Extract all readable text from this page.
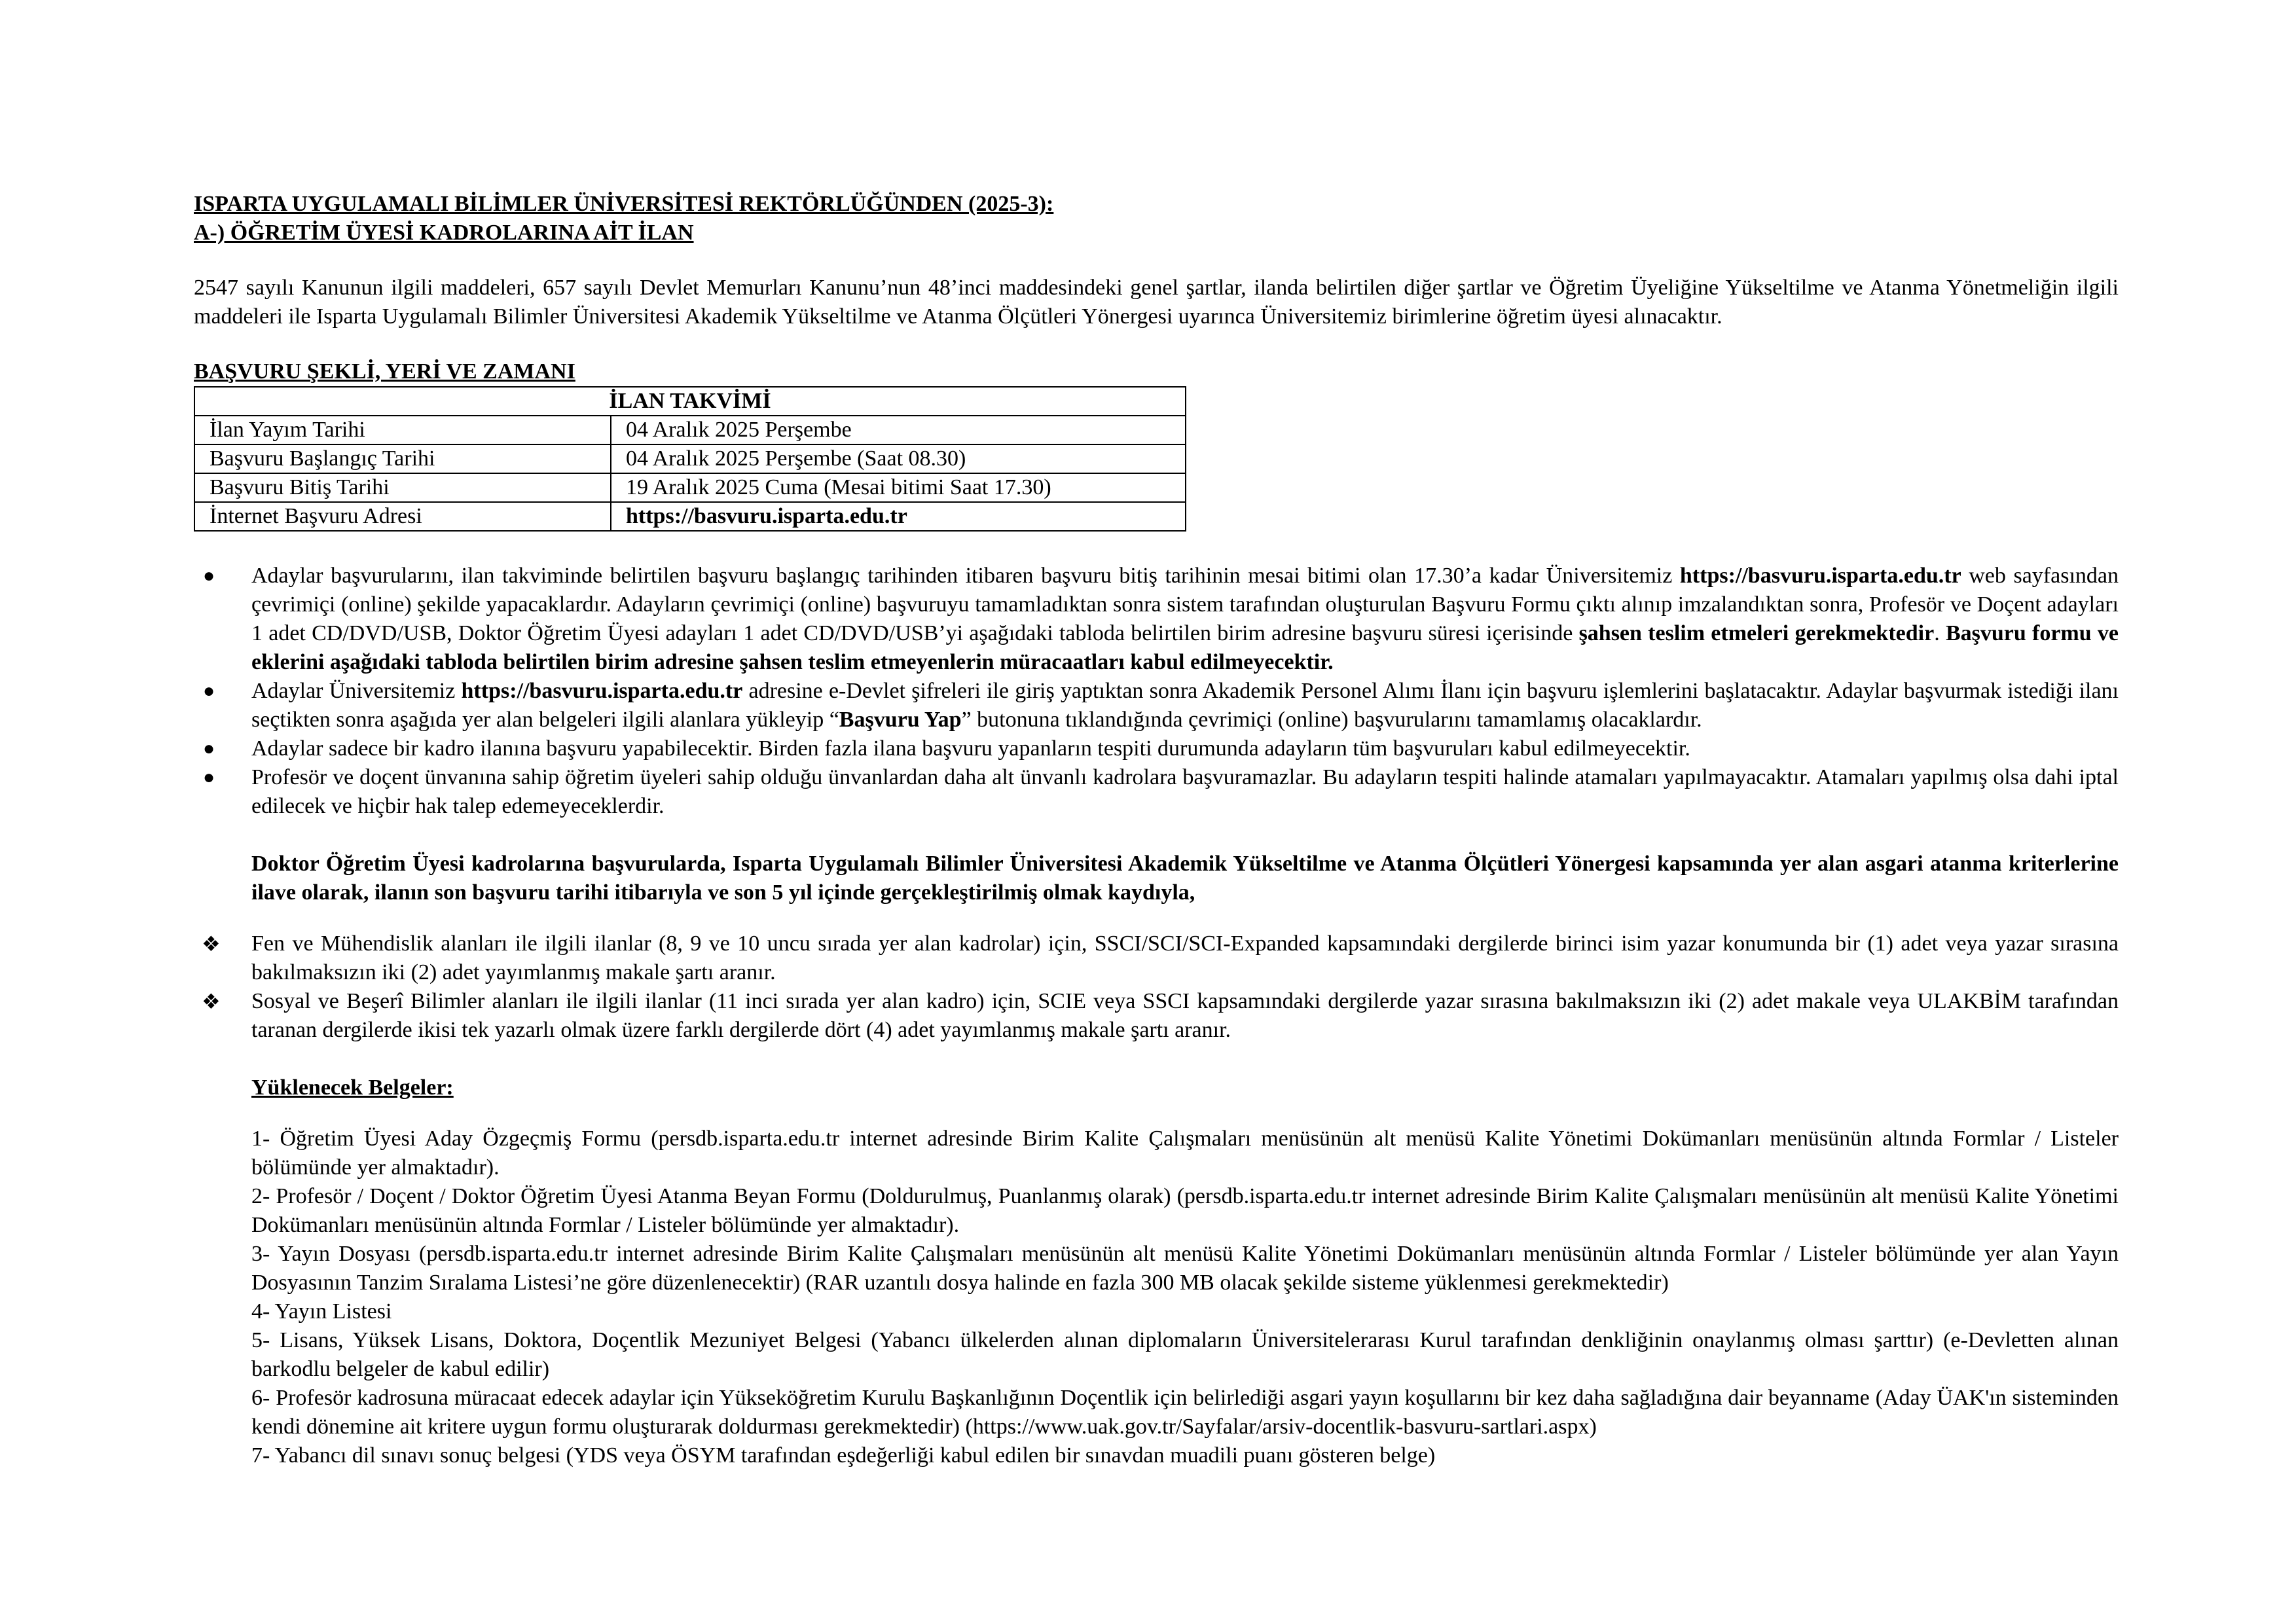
ISPARTA UYGULAMALI BİLİMLER ÜNİVERSİTESİ REKTÖRLÜĞÜNDEN (2025-3):

A-) ÖĞRETİM ÜYESİ KADROLARINA AİT İLAN

2547 sayılı Kanunun ilgili maddeleri, 657 sayılı Devlet Memurları Kanunu’nun 48’inci maddesindeki genel şartlar, ilanda belirtilen diğer şartlar ve Öğretim Üyeliğine Yükseltilme ve Atanma Yönetmeliğin ilgili maddeleri ile Isparta Uygulamalı Bilimler Üniversitesi Akademik Yükseltilme ve Atanma Ölçütleri Yönergesi uyarınca Üniversitemiz birimlerine öğretim üyesi alınacaktır.

BAŞVURU ŞEKLİ, YERİ VE ZAMANI

İLAN TAKVİMİ	
İlan Yayım Tarihi	04 Aralık 2025 Perşembe
Başvuru Başlangıç Tarihi	04 Aralık 2025 Perşembe (Saat 08.30)
Başvuru Bitiş Tarihi	19 Aralık 2025 Cuma (Mesai bitimi Saat 17.30)
İnternet Başvuru Adresi	https://basvuru.isparta.edu.tr
● Adaylar başvurularını, ilan takviminde belirtilen başvuru başlangıç tarihinden itibaren başvuru bitiş tarihinin mesai bitimi olan 17.30’a kadar Üniversitemiz https://basvuru.isparta.edu.tr web sayfasından çevrimiçi (online) şekilde yapacaklardır. Adayların çevrimiçi (online) başvuruyu tamamladıktan sonra sistem tarafından oluşturulan Başvuru Formu çıktı alınıp imzalandıktan sonra, Profesör ve Doçent adayları 1 adet CD/DVD/USB, Doktor Öğretim Üyesi adayları 1 adet CD/DVD/USB’yi aşağıdaki tabloda belirtilen birim adresine başvuru süresi içerisinde şahsen teslim etmeleri gerekmektedir. Başvuru formu ve eklerini aşağıdaki tabloda belirtilen birim adresine şahsen teslim etmeyenlerin müracaatları kabul edilmeyecektir.
● Adaylar Üniversitemiz https://basvuru.isparta.edu.tr adresine e-Devlet şifreleri ile giriş yaptıktan sonra Akademik Personel Alımı İlanı için başvuru işlemlerini başlatacaktır. Adaylar başvurmak istediği ilanı seçtikten sonra aşağıda yer alan belgeleri ilgili alanlara yükleyip “Başvuru Yap” butonuna tıklandığında çevrimiçi (online) başvurularını tamamlamış olacaklardır.
● Adaylar sadece bir kadro ilanına başvuru yapabilecektir. Birden fazla ilana başvuru yapanların tespiti durumunda adayların tüm başvuruları kabul edilmeyecektir.
● Profesör ve doçent ünvanına sahip öğretim üyeleri sahip olduğu ünvanlardan daha alt ünvanlı kadrolara başvuramazlar. Bu adayların tespiti halinde atamaları yapılmayacaktır. Atamaları yapılmış olsa dahi iptal edilecek ve hiçbir hak talep edemeyeceklerdir.

Doktor Öğretim Üyesi kadrolarına başvurularda, Isparta Uygulamalı Bilimler Üniversitesi Akademik Yükseltilme ve Atanma Ölçütleri Yönergesi kapsamında yer alan asgari atanma kriterlerine ilave olarak, ilanın son başvuru tarihi itibarıyla ve son 5 yıl içinde gerçekleştirilmiş olmak kaydıyla,

❖ Fen ve Mühendislik alanları ile ilgili ilanlar (8, 9 ve 10 uncu sırada yer alan kadrolar) için, SSCI/SCI/SCI-Expanded kapsamındaki dergilerde birinci isim yazar konumunda bir (1) adet veya yazar sırasına bakılmaksızın iki (2) adet yayımlanmış makale şartı aranır.
❖ Sosyal ve Beşerî Bilimler alanları ile ilgili ilanlar (11 inci sırada yer alan kadro) için, SCIE veya SSCI kapsamındaki dergilerde yazar sırasına bakılmaksızın iki (2) adet makale veya ULAKBİM tarafından taranan dergilerde ikisi tek yazarlı olmak üzere farklı dergilerde dört (4) adet yayımlanmış makale şartı aranır.

Yüklenecek Belgeler:

1- Öğretim Üyesi Aday Özgeçmiş Formu (persdb.isparta.edu.tr internet adresinde Birim Kalite Çalışmaları menüsünün alt menüsü Kalite Yönetimi Dokümanları menüsünün altında Formlar / Listeler bölümünde yer almaktadır).

2- Profesör / Doçent / Doktor Öğretim Üyesi Atanma Beyan Formu (Doldurulmuş, Puanlanmış olarak) (persdb.isparta.edu.tr internet adresinde Birim Kalite Çalışmaları menüsünün alt menüsü Kalite Yönetimi Dokümanları menüsünün altında Formlar / Listeler bölümünde yer almaktadır).

3- Yayın Dosyası (persdb.isparta.edu.tr internet adresinde Birim Kalite Çalışmaları menüsünün alt menüsü Kalite Yönetimi Dokümanları menüsünün altında Formlar / Listeler bölümünde yer alan Yayın Dosyasının Tanzim Sıralama Listesi’ne göre düzenlenecektir) (RAR uzantılı dosya halinde en fazla 300 MB olacak şekilde sisteme yüklenmesi gerekmektedir)

4- Yayın Listesi

5- Lisans, Yüksek Lisans, Doktora, Doçentlik Mezuniyet Belgesi (Yabancı ülkelerden alınan diplomaların Üniversitelerarası Kurul tarafından denkliğinin onaylanmış olması şarttır) (e-Devletten alınan barkodlu belgeler de kabul edilir)

6- Profesör kadrosuna müracaat edecek adaylar için Yükseköğretim Kurulu Başkanlığının Doçentlik için belirlediği asgari yayın koşullarını bir kez daha sağladığına dair beyanname (Aday ÜAK'ın sisteminden kendi dönemine ait kritere uygun formu oluşturarak doldurması gerekmektedir) (https://www.uak.gov.tr/Sayfalar/arsiv-docentlik-basvuru-sartlari.aspx)

7- Yabancı dil sınavı sonuç belgesi (YDS veya ÖSYM tarafından eşdeğerliği kabul edilen bir sınavdan muadili puanı gösteren belge)
